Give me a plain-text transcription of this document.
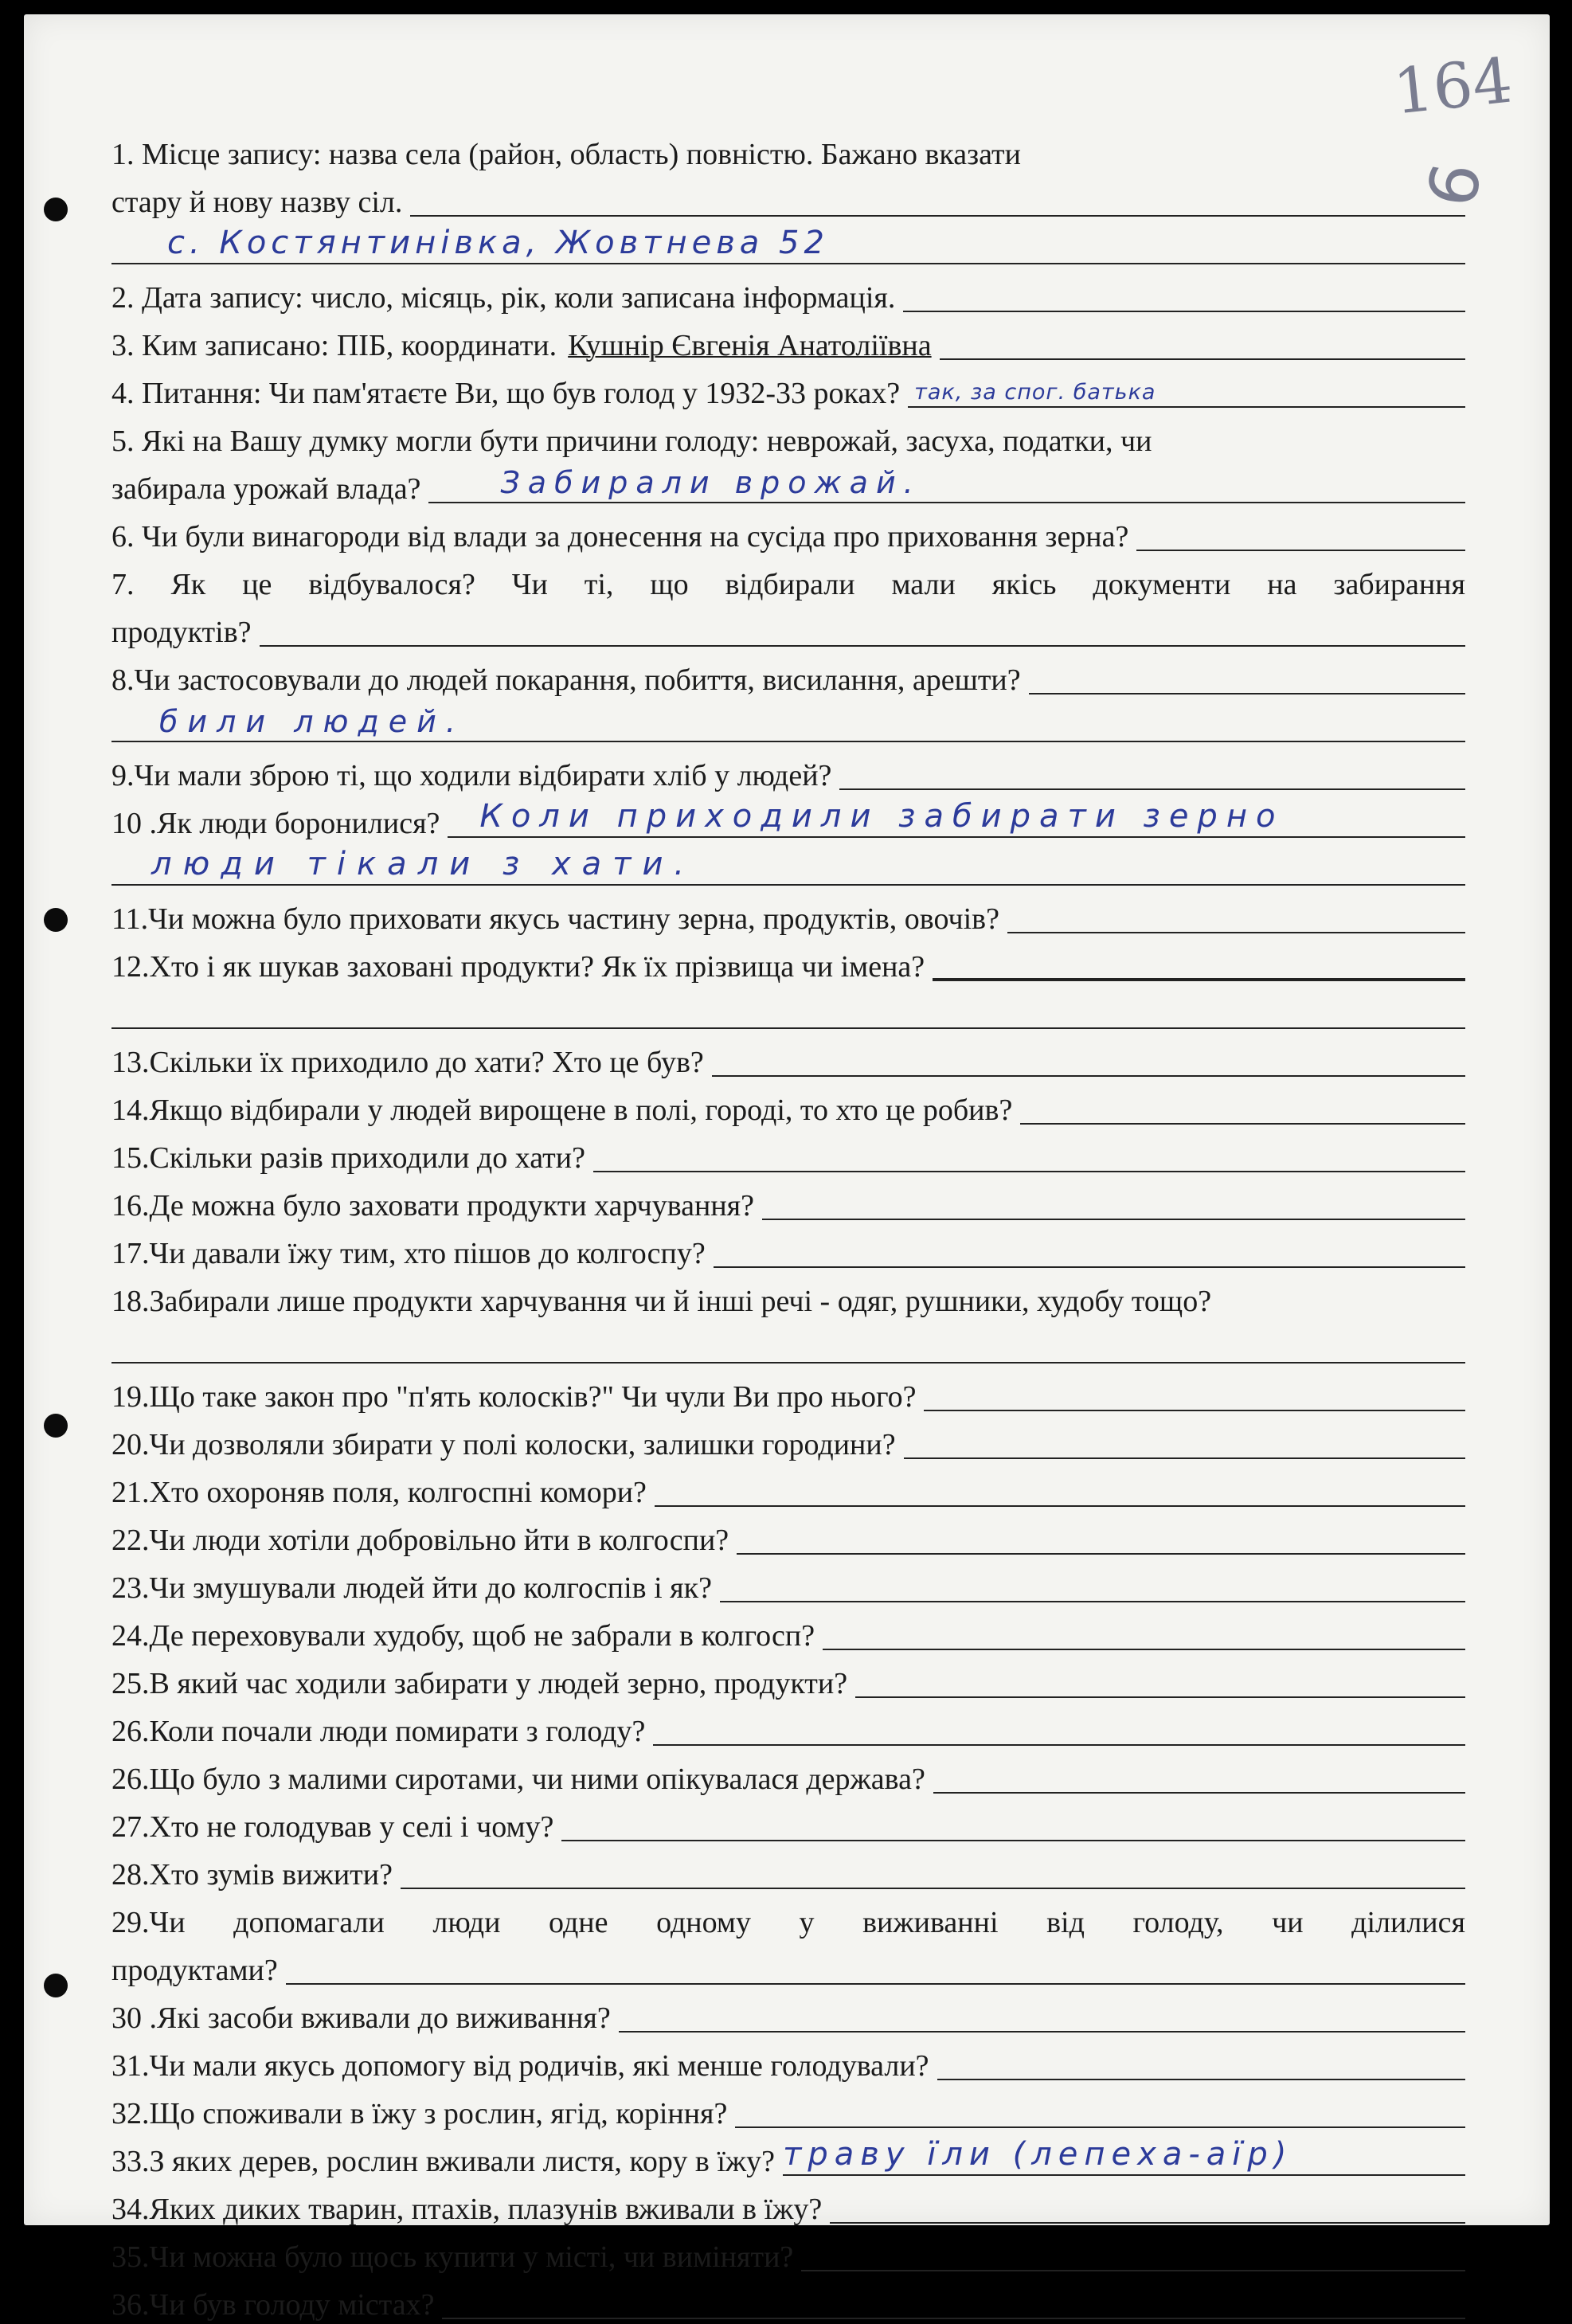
164
6
1. Місце запису: назва села (район, область) повністю. Бажано вказати
стару й нову назву сіл.
с. Костянтинівка, Жовтнева 52
2. Дата запису: число, місяць, рік, коли записана інформація.
3. Ким записано: ПІБ, координати. Кушнір Євгенія Анатоліївна
4. Питання: Чи пам'ятаєте Ви, що був голод у 1932-33 роках? так, за спог. батька
5. Які на Вашу думку могли бути причини голоду: неврожай, засуха, податки, чи
забирала урожай влада?	Забирали врожай.
6. Чи були винагороди від влади за донесення на сусіда про приховання зерна?
7. Як це відбувалося? Чи ті, що відбирали мали якісь документи на забирання
продуктів?
8.Чи застосовували до людей покарання, побиття, висилання, арешти?
били людей.
9.Чи мали зброю ті, що ходили відбирати хліб у людей?
10 .Як люди боронилися? Коли приходили забирати зерно
люди тікали з хати.
11.Чи можна було приховати якусь частину зерна, продуктів, овочів?
12.Хто і як шукав заховані продукти? Як їх прізвища чи імена?
13.Скільки їх приходило до хати? Хто це був?
14.Якщо відбирали у людей вирощене в полі, городі, то хто це робив?
15.Скільки разів приходили до хати?
16.Де можна було заховати продукти харчування?
17.Чи давали їжу тим, хто пішов до колгоспу?
18.Забирали лише продукти харчування чи й інші речі - одяг, рушники, худобу тощо?
19.Що таке закон про "п'ять колосків?" Чи чули Ви про нього?
20.Чи дозволяли збирати у полі колоски, залишки городини?
21.Хто охороняв поля, колгоспні комори?
22.Чи люди хотіли добровільно йти в колгоспи?
23.Чи змушували людей йти до колгоспів і як?
24.Де переховували худобу, щоб не забрали в колгосп?
25.В який час ходили забирати у людей зерно, продукти?
26.Коли почали люди помирати з голоду?
26.Що було з малими сиротами, чи ними опікувалася держава?
27.Хто не голодував у селі і чому?
28.Хто зумів вижити?
29.Чи допомагали люди одне одному у виживанні від голоду, чи ділилися
продуктами?
30 .Які засоби вживали до виживання?
31.Чи мали якусь допомогу від родичів, які менше голодували?
32.Що споживали в їжу з рослин, ягід, коріння?
33.З яких дерев, рослин вживали листя, кору в їжу? траву їли (лепеха-аїр)
34.Яких диких тварин, птахів, плазунів вживали в їжу?
35.Чи можна було щось купити у місті, чи виміняти?
36.Чи був голоду містах?
